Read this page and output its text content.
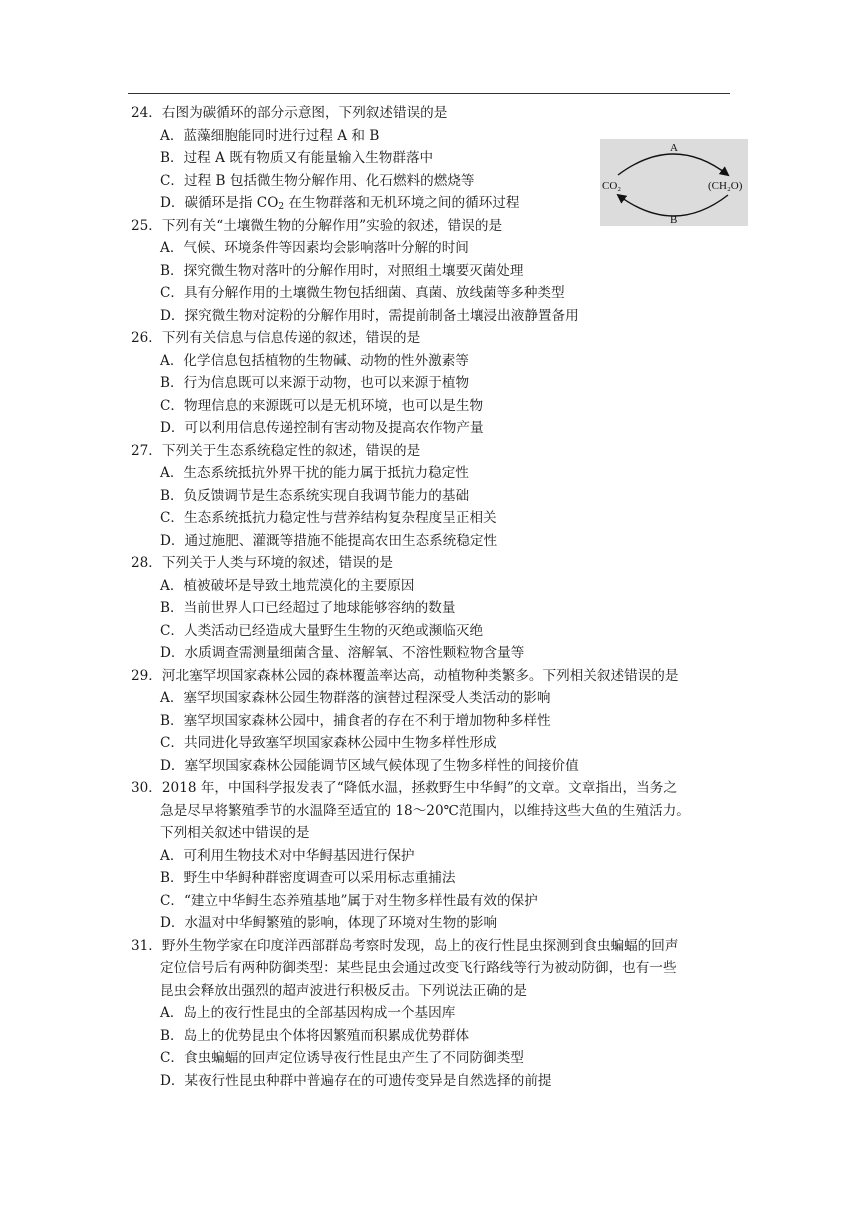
24．右图为碳循环的部分示意图，下列叙述错误的是
A．蓝藻细胞能同时进行过程 A 和 B
B．过程 A 既有物质又有能量输入生物群落中
C．过程 B 包括微生物分解作用、化石燃料的燃烧等
D．碳循环是指 $CO_2$ 在生物群落和无机环境之间的循环过程
25．下列有关“土壤微生物的分解作用”实验的叙述，错误的是
A．气候、环境条件等因素均会影响落叶分解的时间
B．探究微生物对落叶的分解作用时，对照组土壤要灭菌处理
C．具有分解作用的土壤微生物包括细菌、真菌、放线菌等多种类型
D．探究微生物对淀粉的分解作用时，需提前制备土壤浸出液静置备用
26．下列有关信息与信息传递的叙述，错误的是
A．化学信息包括植物的生物碱、动物的性外激素等
B．行为信息既可以来源于动物，也可以来源于植物
C．物理信息的来源既可以是无机环境，也可以是生物
D．可以利用信息传递控制有害动物及提高农作物产量
27．下列关于生态系统稳定性的叙述，错误的是
A．生态系统抵抗外界干扰的能力属于抵抗力稳定性
B．负反馈调节是生态系统实现自我调节能力的基础
C．生态系统抵抗力稳定性与营养结构复杂程度呈正相关
D．通过施肥、灌溉等措施不能提高农田生态系统稳定性
28．下列关于人类与环境的叙述，错误的是
A．植被破坏是导致土地荒漠化的主要原因
B．当前世界人口已经超过了地球能够容纳的数量
C．人类活动已经造成大量野生生物的灭绝或濒临灭绝
D．水质调查需测量细菌含量、溶解氧、不溶性颗粒物含量等
29．河北塞罕坝国家森林公园的森林覆盖率达高，动植物种类繁多。下列相关叙述错误的是
A．塞罕坝国家森林公园生物群落的演替过程深受人类活动的影响
B．塞罕坝国家森林公园中，捕食者的存在不利于增加物种多样性
C．共同进化导致塞罕坝国家森林公园中生物多样性形成
D．塞罕坝国家森林公园能调节区域气候体现了生物多样性的间接价值
30．2018 年，中国科学报发表了“降低水温，拯救野生中华鲟”的文章。文章指出，当务之
急是尽早将繁殖季节的水温降至适宜的 18～20℃范围内，以维持这些大鱼的生殖活力。
下列相关叙述中错误的是
A．可利用生物技术对中华鲟基因进行保护
B．野生中华鲟种群密度调查可以采用标志重捕法
C．“建立中华鲟生态养殖基地”属于对生物多样性最有效的保护
D．水温对中华鲟繁殖的影响，体现了环境对生物的影响
31．野外生物学家在印度洋西部群岛考察时发现，岛上的夜行性昆虫探测到食虫蝙蝠的回声
定位信号后有两种防御类型：某些昆虫会通过改变飞行路线等行为被动防御，也有一些
昆虫会释放出强烈的超声波进行积极反击。下列说法正确的是
A．岛上的夜行性昆虫的全部基因构成一个基因库
B．岛上的优势昆虫个体将因繁殖而积累成优势群体
C．食虫蝙蝠的回声定位诱导夜行性昆虫产生了不同防御类型
D．某夜行性昆虫种群中普遍存在的可遗传变异是自然选择的前提
A
B
CO₂	(CH₂O)
